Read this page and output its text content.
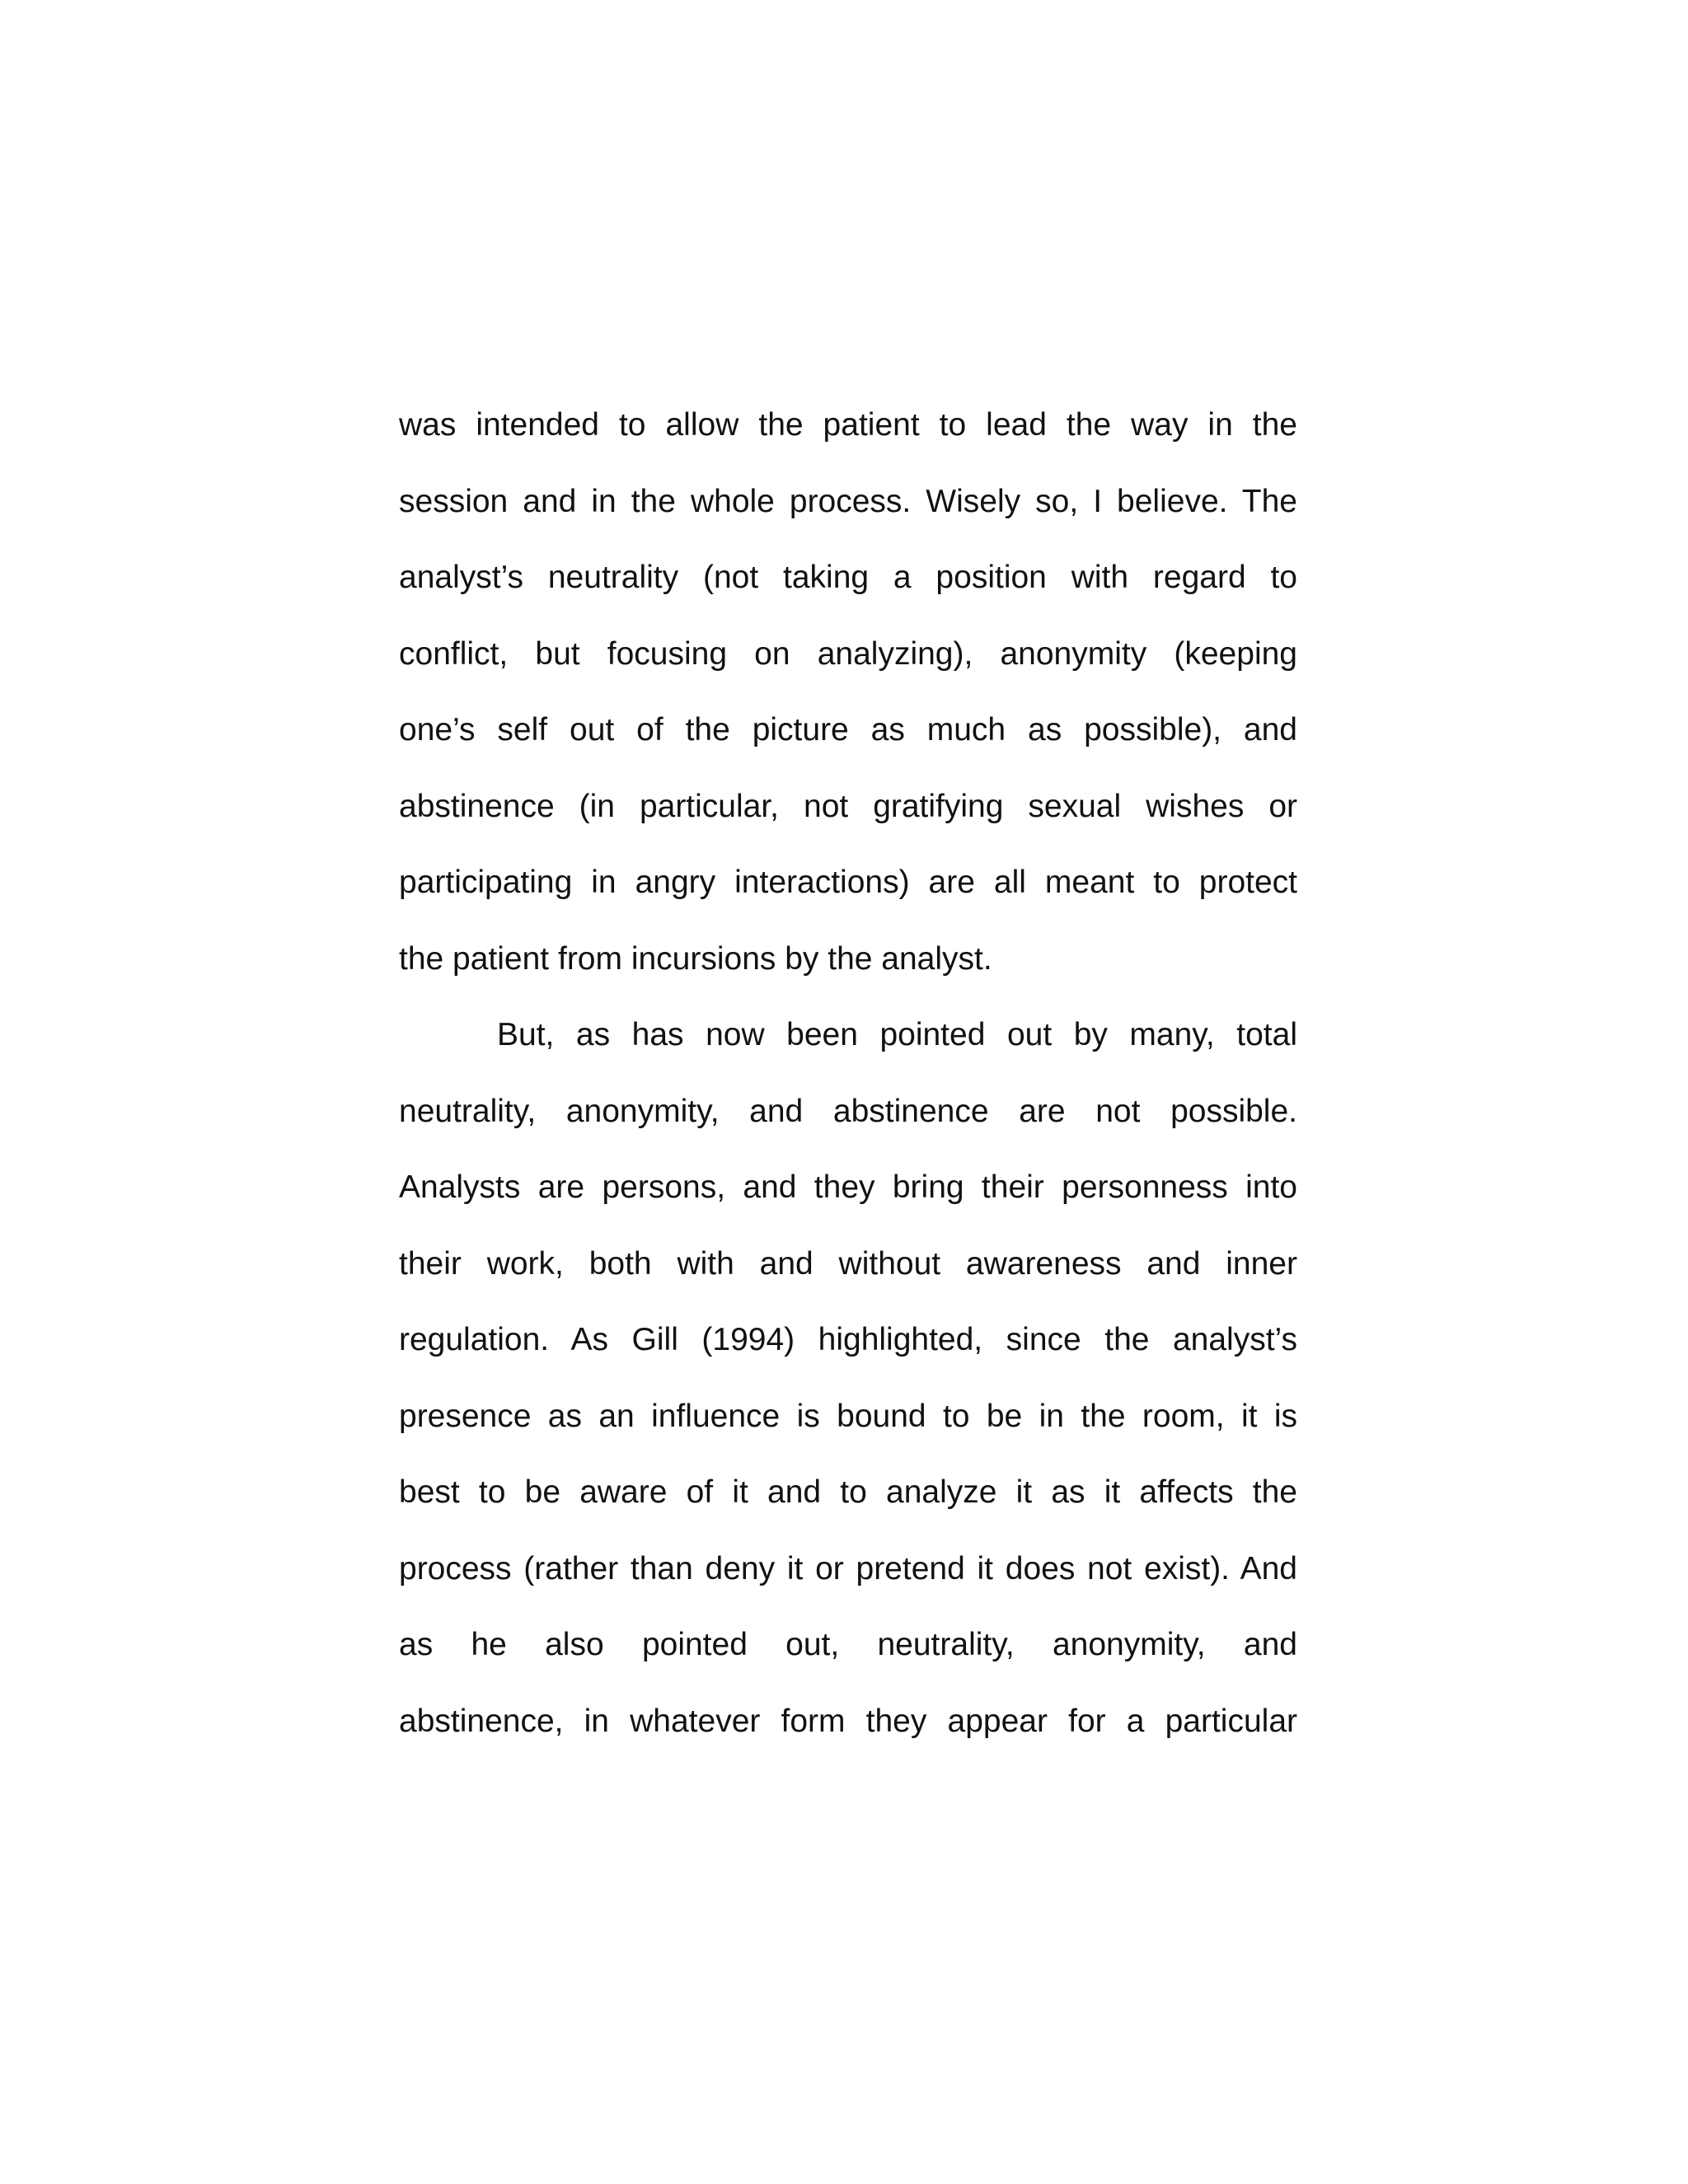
was intended to allow the patient to lead the way in the
session and in the whole process. Wisely so, I believe. The
analyst’s neutrality (not taking a position with regard to
conflict, but focusing on analyzing), anonymity (keeping
one’s self out of the picture as much as possible), and
abstinence (in particular, not gratifying sexual wishes or
participating in angry interactions) are all meant to protect
the patient from incursions by the analyst.
But, as has now been pointed out by many, total
neutrality, anonymity, and abstinence are not possible.
Analysts are persons, and they bring their personness into
their work, both with and without awareness and inner
regulation. As Gill (1994) highlighted, since the analyst’s
presence as an influence is bound to be in the room, it is
best to be aware of it and to analyze it as it affects the
process (rather than deny it or pretend it does not exist). And
as he also pointed out, neutrality, anonymity, and
abstinence, in whatever form they appear for a particular
